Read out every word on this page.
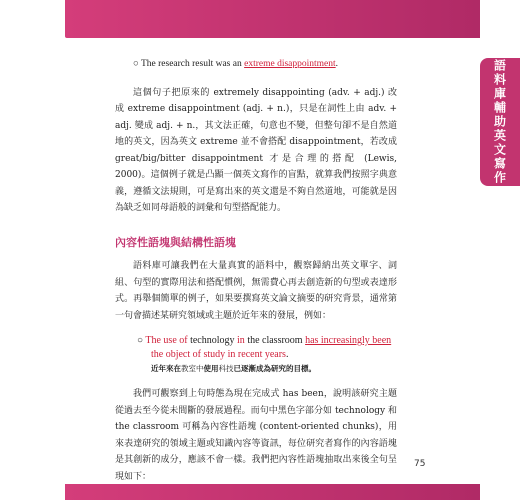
語料庫輔助英文寫作

○ The research result was an extreme disappointment.

這個句子把原來的 extremely disappointing (adv. + adj.) 改成 extreme disappointment (adj. + n.)，只是在詞性上由 adv. + adj. 變成 adj. + n.，其文法正確，句意也不變，但整句卻不是自然道地的英文，因為英文 extreme 並不會搭配 disappointment，若改成 great/big/bitter disappointment 才是合理的搭配 (Lewis, 2000)。這個例子就是凸顯一個英文寫作的盲點，就算我們按照字典意義，遵循文法規則，可是寫出來的英文還是不夠自然道地，可能就是因為缺乏如同母語般的詞彙和句型搭配能力。

內容性語塊與結構性語塊

語料庫可讓我們在大量真實的語料中，觀察歸納出英文單字、詞組、句型的實際用法和搭配慣例，無需費心再去創造新的句型或表達形式。再舉個簡單的例子，如果要撰寫英文論文摘要的研究背景，通常第一句會描述某研究領域或主題於近年來的發展，例如：

○ The use of technology in the classroom has increasingly been
the object of study in recent years.
近年來在教室中使用科技已逐漸成為研究的目標。

我們可觀察到上句時態為現在完成式 has been，說明該研究主題從過去至今從未間斷的發展過程。而句中黑色字部分如 technology 和 the classroom 可稱為內容性語塊 (content-oriented chunks)，用來表達研究的領域主題或知識內容等資訊，每位研究者寫作的內容語塊是其創新的成分，應該不會一樣。我們把內容性語塊抽取出來後全句呈現如下：

75
